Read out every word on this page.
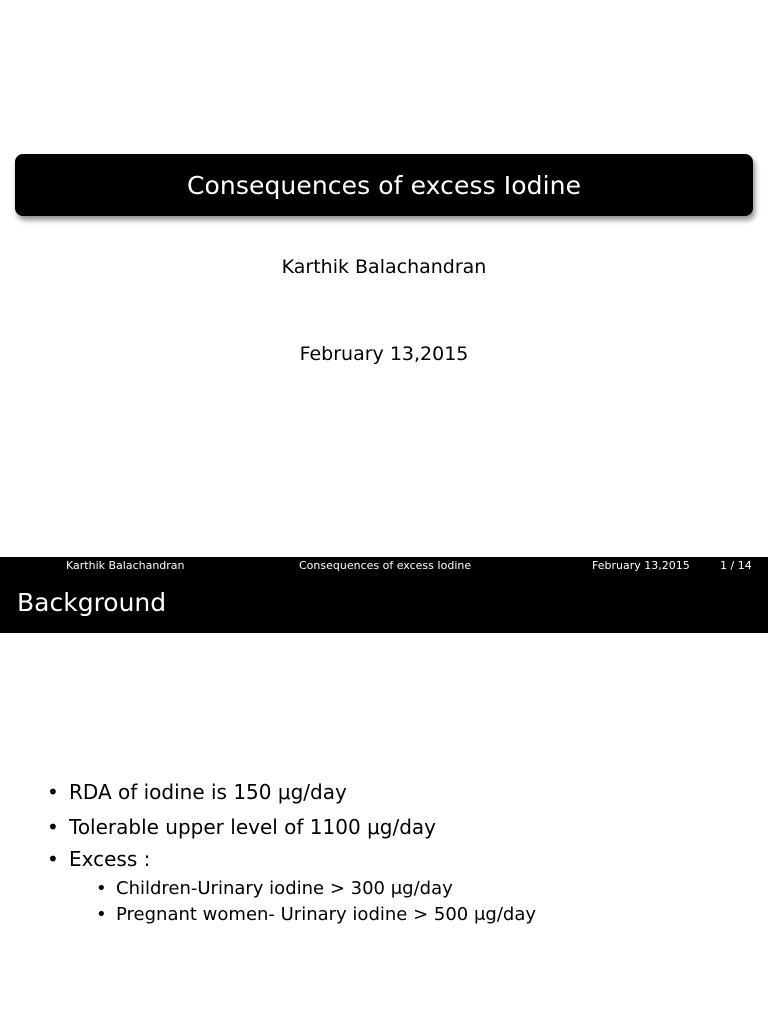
Consequences of excess Iodine
Karthik Balachandran
February 13,2015
Karthik Balachandran	Consequences of excess Iodine	February 13,2015	1 / 14
Background
• RDA of iodine is 150 μg/day
• Tolerable upper level of 1100 μg/day
• Excess :
• Children-Urinary iodine > 300 μg/day
• Pregnant women- Urinary iodine > 500 μg/day
